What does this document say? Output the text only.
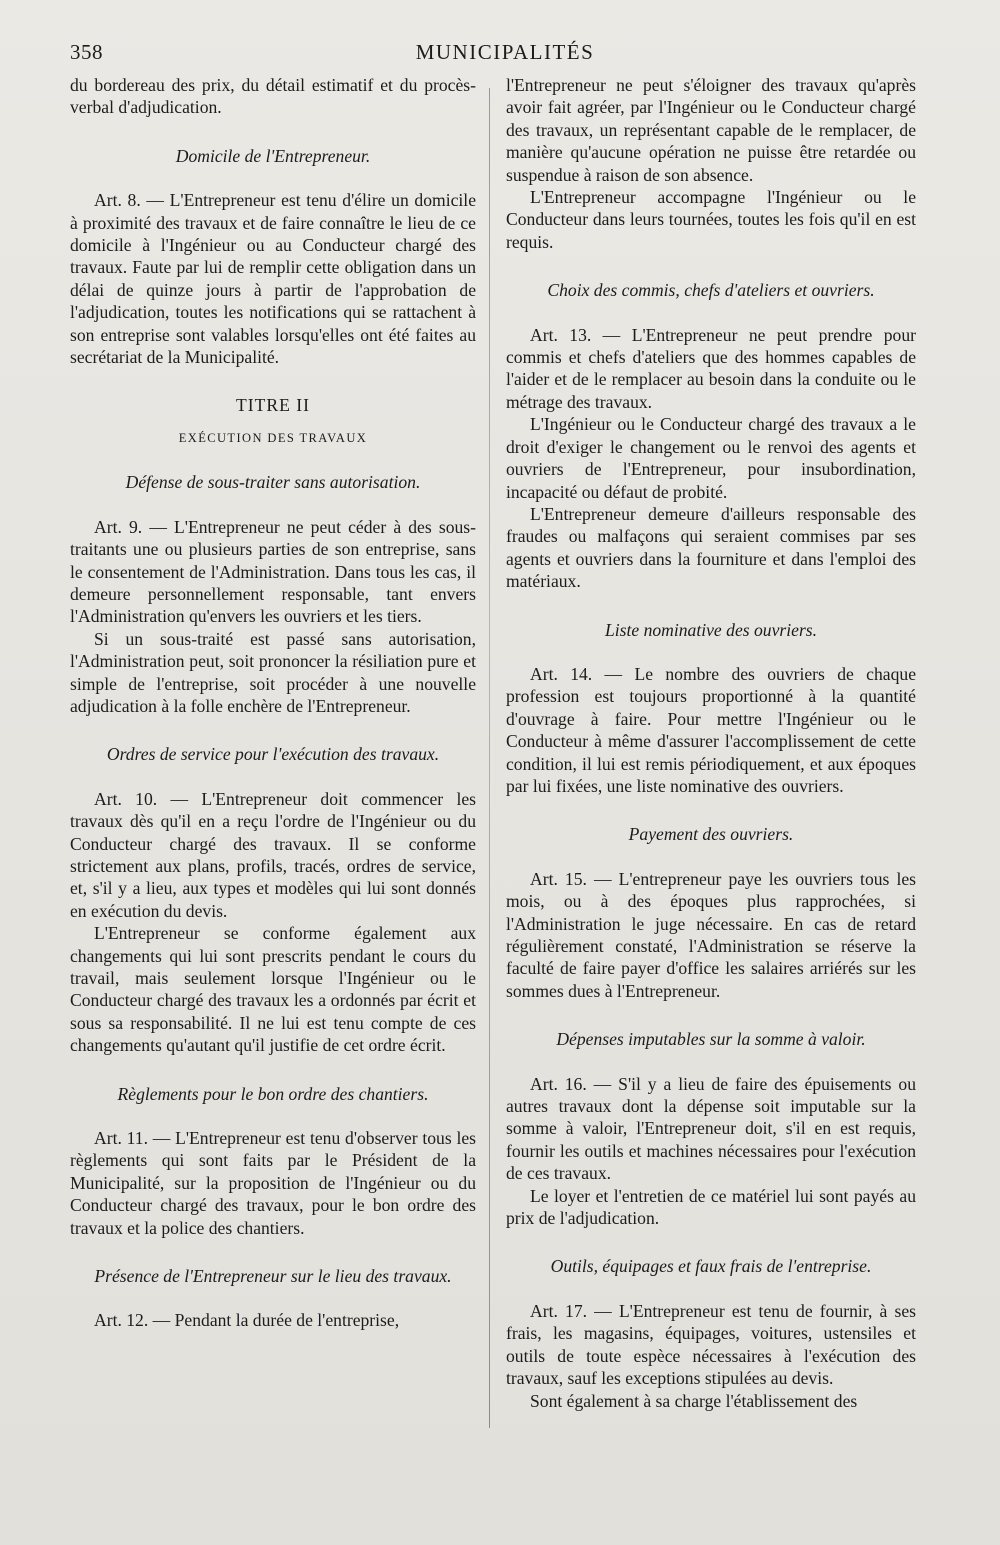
358	MUNICIPALITÉS

du bordereau des prix, du détail estimatif et du procès-verbal d'adjudication.

Domicile de l'Entrepreneur.

Art. 8. — L'Entrepreneur est tenu d'élire un domicile à proximité des travaux et de faire connaître le lieu de ce domicile à l'Ingénieur ou au Conducteur chargé des travaux. Faute par lui de remplir cette obligation dans un délai de quinze jours à partir de l'approbation de l'adjudication, toutes les notifications qui se rattachent à son entreprise sont valables lorsqu'elles ont été faites au secrétariat de la Municipalité.

TITRE II

EXÉCUTION DES TRAVAUX

Défense de sous-traiter sans autorisation.

Art. 9. — L'Entrepreneur ne peut céder à des sous-traitants une ou plusieurs parties de son entreprise, sans le consentement de l'Administration. Dans tous les cas, il demeure personnellement responsable, tant envers l'Administration qu'envers les ouvriers et les tiers.

Si un sous-traité est passé sans autorisation, l'Administration peut, soit prononcer la résiliation pure et simple de l'entreprise, soit procéder à une nouvelle adjudication à la folle enchère de l'Entrepreneur.

Ordres de service pour l'exécution des travaux.

Art. 10. — L'Entrepreneur doit commencer les travaux dès qu'il en a reçu l'ordre de l'Ingénieur ou du Conducteur chargé des travaux. Il se conforme strictement aux plans, profils, tracés, ordres de service, et, s'il y a lieu, aux types et modèles qui lui sont donnés en exécution du devis.

L'Entrepreneur se conforme également aux changements qui lui sont prescrits pendant le cours du travail, mais seulement lorsque l'Ingénieur ou le Conducteur chargé des travaux les a ordonnés par écrit et sous sa responsabilité. Il ne lui est tenu compte de ces changements qu'autant qu'il justifie de cet ordre écrit.

Règlements pour le bon ordre des chantiers.

Art. 11. — L'Entrepreneur est tenu d'observer tous les règlements qui sont faits par le Président de la Municipalité, sur la proposition de l'Ingénieur ou du Conducteur chargé des travaux, pour le bon ordre des travaux et la police des chantiers.

Présence de l'Entrepreneur sur le lieu des travaux.

Art. 12. — Pendant la durée de l'entreprise,

l'Entrepreneur ne peut s'éloigner des travaux qu'après avoir fait agréer, par l'Ingénieur ou le Conducteur chargé des travaux, un représentant capable de le remplacer, de manière qu'aucune opération ne puisse être retardée ou suspendue à raison de son absence.

L'Entrepreneur accompagne l'Ingénieur ou le Conducteur dans leurs tournées, toutes les fois qu'il en est requis.

Choix des commis, chefs d'ateliers et ouvriers.

Art. 13. — L'Entrepreneur ne peut prendre pour commis et chefs d'ateliers que des hommes capables de l'aider et de le remplacer au besoin dans la conduite ou le métrage des travaux.

L'Ingénieur ou le Conducteur chargé des travaux a le droit d'exiger le changement ou le renvoi des agents et ouvriers de l'Entrepreneur, pour insubordination, incapacité ou défaut de probité.

L'Entrepreneur demeure d'ailleurs responsable des fraudes ou malfaçons qui seraient commises par ses agents et ouvriers dans la fourniture et dans l'emploi des matériaux.

Liste nominative des ouvriers.

Art. 14. — Le nombre des ouvriers de chaque profession est toujours proportionné à la quantité d'ouvrage à faire. Pour mettre l'Ingénieur ou le Conducteur à même d'assurer l'accomplissement de cette condition, il lui est remis périodiquement, et aux époques par lui fixées, une liste nominative des ouvriers.

Payement des ouvriers.

Art. 15. — L'entrepreneur paye les ouvriers tous les mois, ou à des époques plus rapprochées, si l'Administration le juge nécessaire. En cas de retard régulièrement constaté, l'Administration se réserve la faculté de faire payer d'office les salaires arriérés sur les sommes dues à l'Entrepreneur.

Dépenses imputables sur la somme à valoir.

Art. 16. — S'il y a lieu de faire des épuisements ou autres travaux dont la dépense soit imputable sur la somme à valoir, l'Entrepreneur doit, s'il en est requis, fournir les outils et machines nécessaires pour l'exécution de ces travaux.

Le loyer et l'entretien de ce matériel lui sont payés au prix de l'adjudication.

Outils, équipages et faux frais de l'entreprise.

Art. 17. — L'Entrepreneur est tenu de fournir, à ses frais, les magasins, équipages, voitures, ustensiles et outils de toute espèce nécessaires à l'exécution des travaux, sauf les exceptions stipulées au devis.

Sont également à sa charge l'établissement des
